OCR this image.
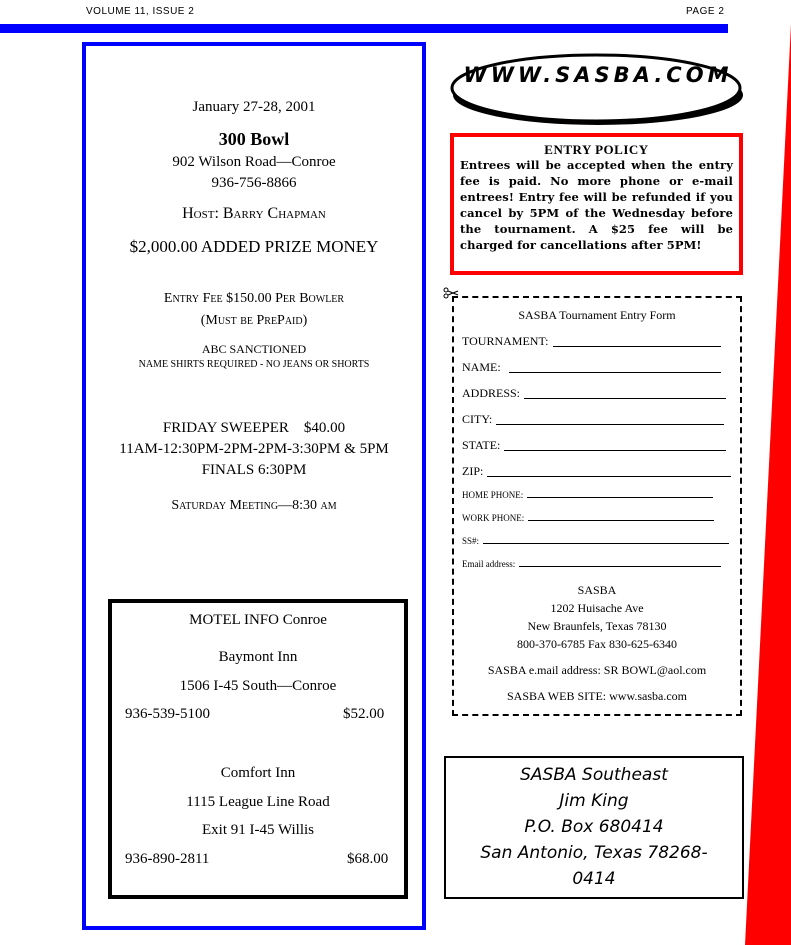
VOLUME 11, ISSUE 2	PAGE 2
January 27-28, 2001
300 Bowl
902 Wilson Road—Conroe
936-756-8866
Host: Barry Chapman
$2,000.00 ADDED PRIZE MONEY
Entry Fee $150.00 Per Bowler
(Must be PrePaid)
ABC SANCTIONED
NAME SHIRTS REQUIRED - NO JEANS OR SHORTS
FRIDAY SWEEPER    $40.00
11AM-12:30PM-2PM-2PM-3:30PM & 5PM
FINALS 6:30PM
Saturday Meeting—8:30 am
MOTEL INFO Conroe
Baymont Inn
1506 I-45 South—Conroe
936-539-5100	$52.00
Comfort Inn
1115 League Line Road
Exit 91 I-45 Willis
936-890-2811	$68.00
WWW.SASBA.COM
ENTRY POLICY
Entrees will be accepted when the entry fee is paid. No more phone or e-mail entrees! Entry fee will be refunded if you cancel by 5PM of the Wednesday before the tournament. A $25 fee will be charged for cancellations after 5PM!
SASBA Tournament Entry Form
TOURNAMENT:
NAME:
ADDRESS:
CITY:
STATE:
ZIP:
HOME PHONE:
WORK PHONE:
SS#:
Email address:
SASBA
1202 Huisache Ave
New Braunfels, Texas 78130
800-370-6785 Fax 830-625-6340
SASBA e.mail address: SR BOWL@aol.com
SASBA WEB SITE: www.sasba.com
SASBA Southeast
Jim King
P.O. Box 680414
San Antonio, Texas 78268-
0414
